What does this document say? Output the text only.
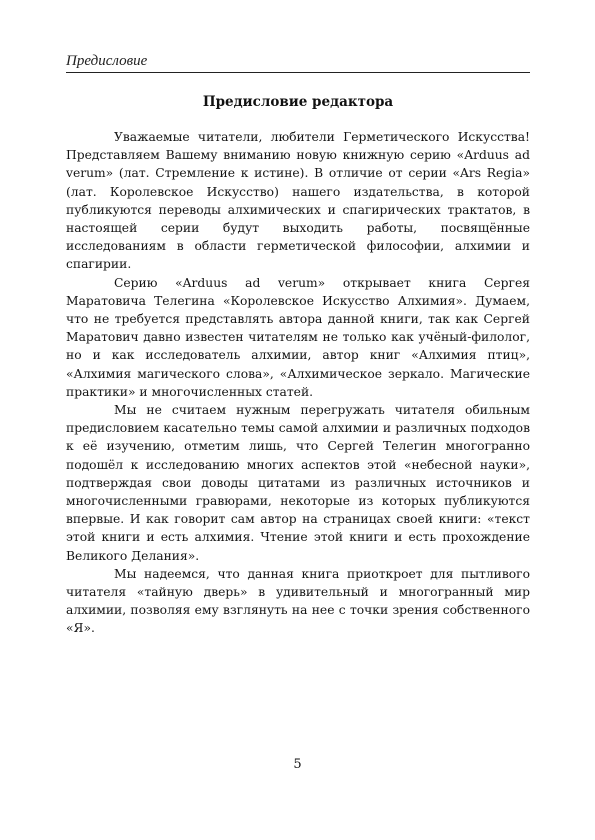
Предисловие
Предисловие редактора

Уважаемые читатели, любители Герметического Искусства! Представляем Вашему вниманию новую книжную серию «Arduus ad verum» (лат. Стремление к истине). В отличие от серии «Ars Regia» (лат. Королевское Искусство) нашего издательства, в которой публикуются переводы алхимических и спагирических трактатов, в настоящей серии будут выходить работы, посвящённые исследованиям в области герметической философии, алхимии и спагирии.

Серию «Arduus ad verum» открывает книга Сергея Маратовича Телегина «Королевское Искусство Алхимия». Думаем, что не требуется представлять автора данной книги, так как Сергей Маратович давно известен читателям не только как учёный-филолог, но и как исследователь алхимии, автор книг «Алхимия птиц», «Алхимия магического слова», «Алхимическое зеркало. Магические практики» и многочисленных статей.

Мы не считаем нужным перегружать читателя обильным предисловием касательно темы самой алхимии и различных подходов к её изучению, отметим лишь, что Сергей Телегин многогранно подошёл к исследованию многих аспектов этой «небесной науки», подтверждая свои доводы цитатами из различных источников и многочисленными гравюрами, некоторые из которых публикуются впервые. И как говорит сам автор на страницах своей книги: «текст этой книги и есть алхимия. Чтение этой книги и есть прохождение Великого Делания».

Мы надеемся, что данная книга приоткроет для пытливого читателя «тайную дверь» в удивительный и многогранный мир алхимии, позволяя ему взглянуть на нее с точки зрения собственного «Я».

5
